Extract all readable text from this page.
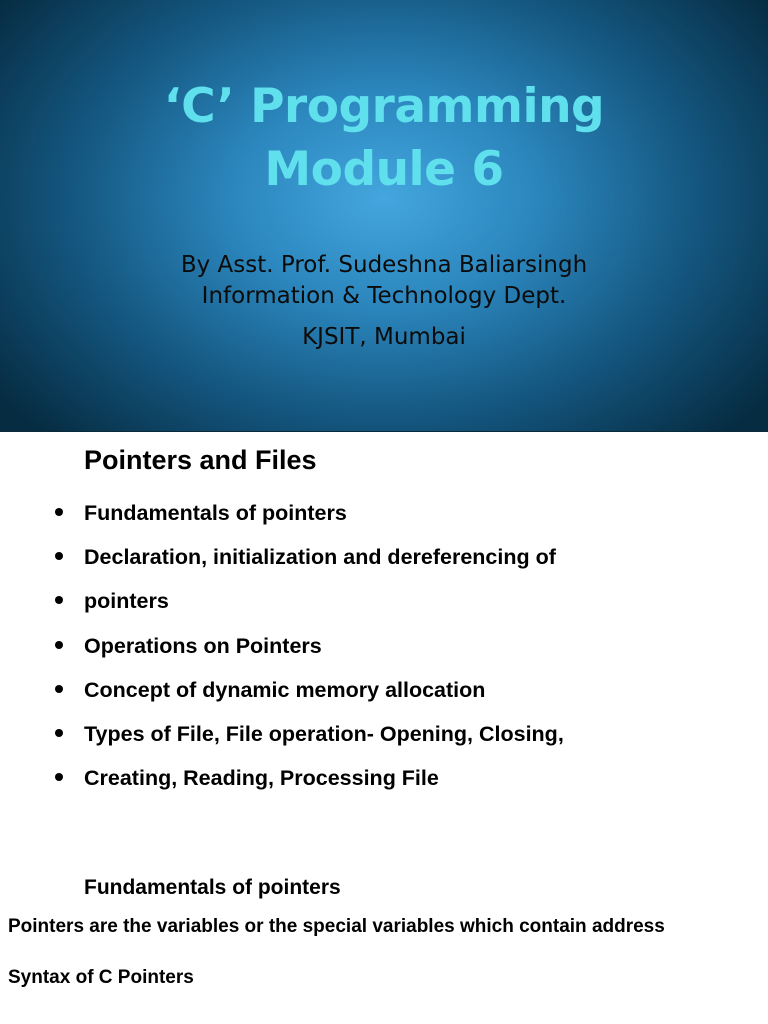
‘C’ Programming
Module 6
By Asst. Prof. Sudeshna Baliarsingh
Information & Technology Dept.
KJSIT, Mumbai
Pointers and Files
Fundamentals of pointers
Declaration, initialization and dereferencing of
pointers
Operations on Pointers
Concept of dynamic memory allocation
Types of File, File operation- Opening, Closing,
Creating, Reading, Processing File
Fundamentals of pointers
Pointers are the variables or the special variables which contain address
Syntax of C Pointers
